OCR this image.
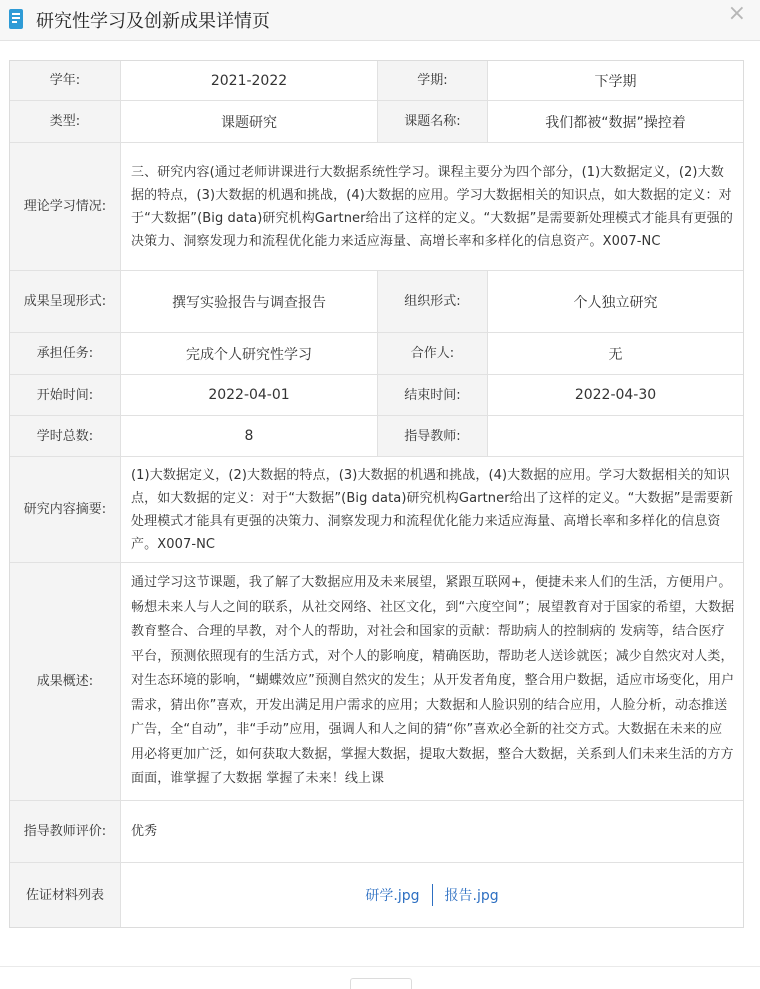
研究性学习及创新成果详情页	×
学年:	2021-2022	学期:	下学期
类型:	课题研究	课题名称:	我们都被“数据”操控着
理论学习情况:
三、研究内容(通过老师讲课进行大数据系统性学习。课程主要分为四个部分，(1)大数据定义，(2)大数据的特点，(3)大数据的机遇和挑战，(4)大数据的应用。学习大数据相关的知识点，如大数据的定义：对于“大数据”(Big data)研究机构Gartner给出了这样的定义。“大数据”是需要新处理模式才能具有更强的决策力、洞察发现力和流程优化能力来适应海量、高增长率和多样化的信息资产。X007-NC
成果呈现形式:	撰写实验报告与调查报告	组织形式:	个人独立研究
承担任务:	完成个人研究性学习	合作人:	无
开始时间:	2022-04-01	结束时间:	2022-04-30
学时总数:	8	指导教师:
研究内容摘要:
(1)大数据定义，(2)大数据的特点，(3)大数据的机遇和挑战，(4)大数据的应用。学习大数据相关的知识点，如大数据的定义：对于“大数据”(Big data)研究机构Gartner给出了这样的定义。“大数据”是需要新处理模式才能具有更强的决策力、洞察发现力和流程优化能力来适应海量、高增长率和多样化的信息资产。X007-NC
成果概述:
通过学习这节课题，我了解了大数据应用及未来展望，紧跟互联网+，便捷未来人们的生活，方便用户。畅想未来人与人之间的联系，从社交网络、社区文化，到“六度空间”；展望教育对于国家的希望，大数据教育整合、合理的早教，对个人的帮助，对社会和国家的贡献：帮助病人的控制病的 发病等，结合医疗平台，预测依照现有的生活方式，对个人的影响度，精确医助，帮助老人送诊就医；减少自然灾对人类，对生态环境的影响，“蝴蝶效应”预测自然灾的发生；从开发者角度，整合用户数据，适应市场变化，用户需求，猜出你”喜欢，开发出满足用户需求的应用；大数据和人脸识别的结合应用，人脸分析，动态推送广告，全“自动”，非“手动”应用，强调人和人之间的猜“你”喜欢必全新的社交方式。大数据在未来的应用必将更加广泛，如何获取大数据，掌握大数据，提取大数据，整合大数据，关系到人们未来生活的方方面面，谁掌握了大数据 掌握了未来！线上课
指导教师评价:	优秀
佐证材料列表	研学.jpg 报告.jpg
